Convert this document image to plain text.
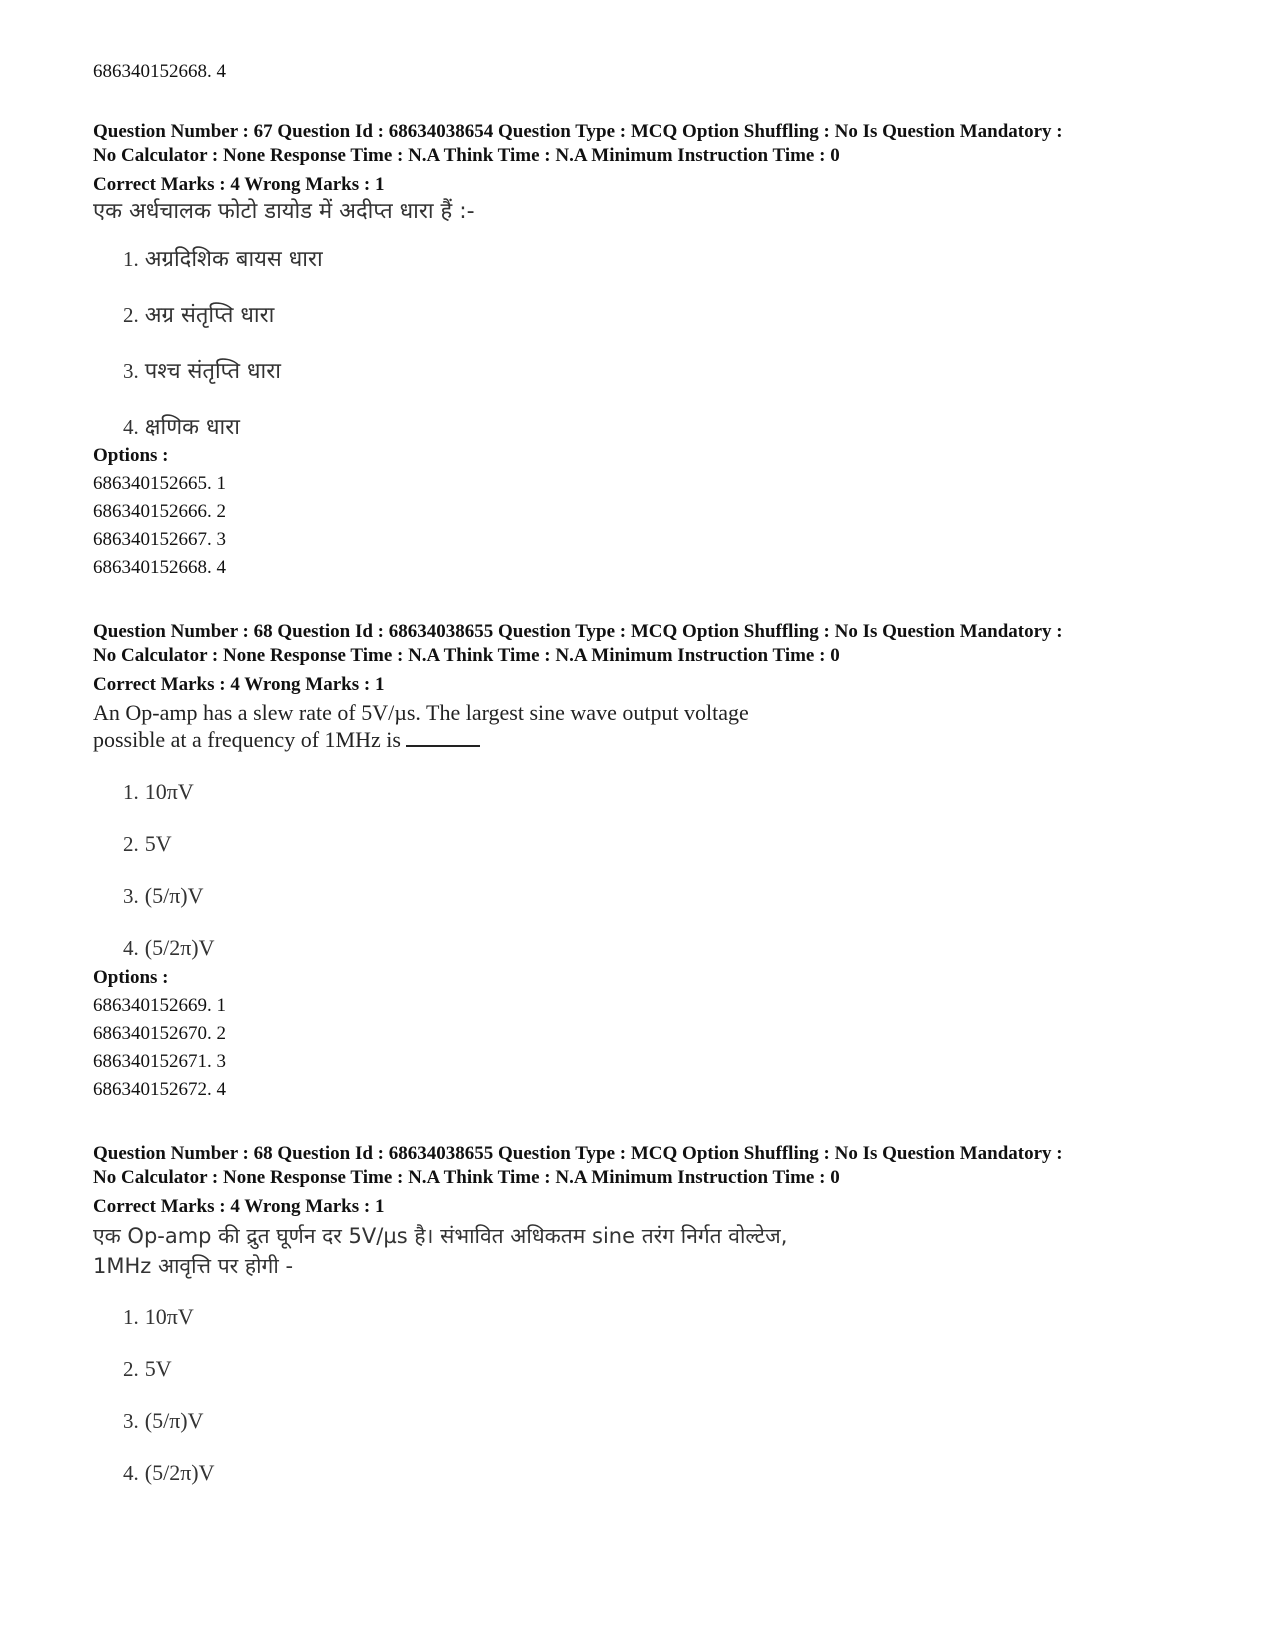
686340152668. 4
Question Number : 67 Question Id : 68634038654 Question Type : MCQ Option Shuffling : No Is Question Mandatory :
No Calculator : None Response Time : N.A Think Time : N.A Minimum Instruction Time : 0
Correct Marks : 4 Wrong Marks : 1
एक अर्धचालक फोटो डायोड में अदीप्त धारा हैं :-
1. अग्रदिशिक बायस धारा
2. अग्र संतृप्ति धारा
3. पश्च संतृप्ति धारा
4. क्षणिक धारा
Options :
686340152665. 1
686340152666. 2
686340152667. 3
686340152668. 4
Question Number : 68 Question Id : 68634038655 Question Type : MCQ Option Shuffling : No Is Question Mandatory :
No Calculator : None Response Time : N.A Think Time : N.A Minimum Instruction Time : 0
Correct Marks : 4 Wrong Marks : 1
An Op-amp has a slew rate of 5V/µs. The largest sine wave output voltage
possible at a frequency of 1MHz is
1. 10πV
2. 5V
3. (5/π)V
4. (5/2π)V
Options :
686340152669. 1
686340152670. 2
686340152671. 3
686340152672. 4
Question Number : 68 Question Id : 68634038655 Question Type : MCQ Option Shuffling : No Is Question Mandatory :
No Calculator : None Response Time : N.A Think Time : N.A Minimum Instruction Time : 0
Correct Marks : 4 Wrong Marks : 1
एक Op-amp की द्रुत घूर्णन दर 5V/µs है। संभावित अधिकतम sine तरंग निर्गत वोल्टेज,
1MHz आवृत्ति पर होगी -
1. 10πV
2. 5V
3. (5/π)V
4. (5/2π)V
